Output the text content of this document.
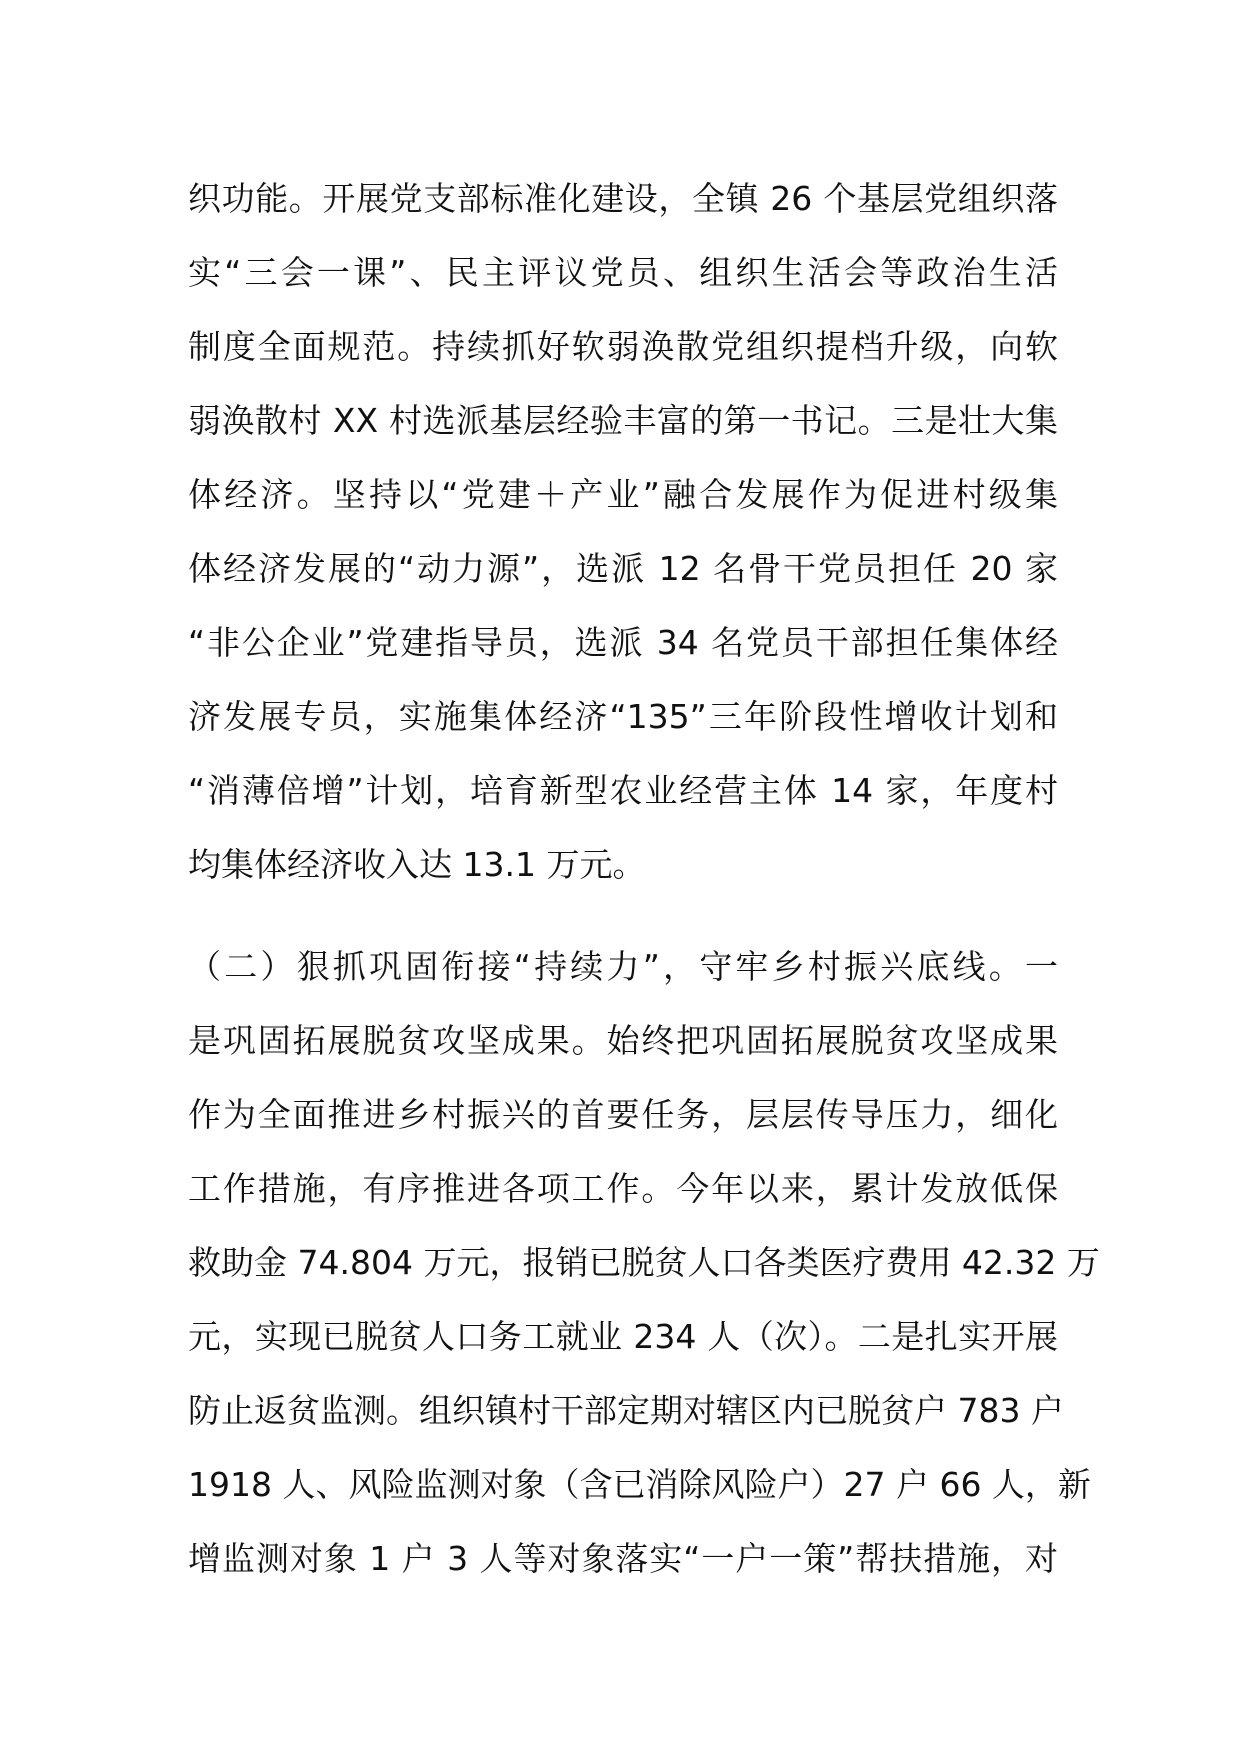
织功能。开展党支部标准化建设，全镇 26 个基层党组织落
实“三会一课”、民主评议党员、组织生活会等政治生活
制度全面规范。持续抓好软弱涣散党组织提档升级，向软
弱涣散村 XX 村选派基层经验丰富的第一书记。三是壮大集
体经济。坚持以“党建＋产业”融合发展作为促进村级集
体经济发展的“动力源”，选派 12 名骨干党员担任 20 家
“非公企业”党建指导员，选派 34 名党员干部担任集体经
济发展专员，实施集体经济“135”三年阶段性增收计划和
“消薄倍增”计划，培育新型农业经营主体 14 家，年度村
均集体经济收入达 13.1 万元。
（二）狠抓巩固衔接“持续力”，守牢乡村振兴底线。一
是巩固拓展脱贫攻坚成果。始终把巩固拓展脱贫攻坚成果
作为全面推进乡村振兴的首要任务，层层传导压力，细化
工作措施，有序推进各项工作。今年以来，累计发放低保
救助金 74.804 万元，报销已脱贫人口各类医疗费用 42.32 万
元，实现已脱贫人口务工就业 234 人（次）。二是扎实开展
防止返贫监测。组织镇村干部定期对辖区内已脱贫户 783 户
1918 人、风险监测对象（含已消除风险户）27 户 66 人，新
增监测对象 1 户 3 人等对象落实“一户一策”帮扶措施，对
